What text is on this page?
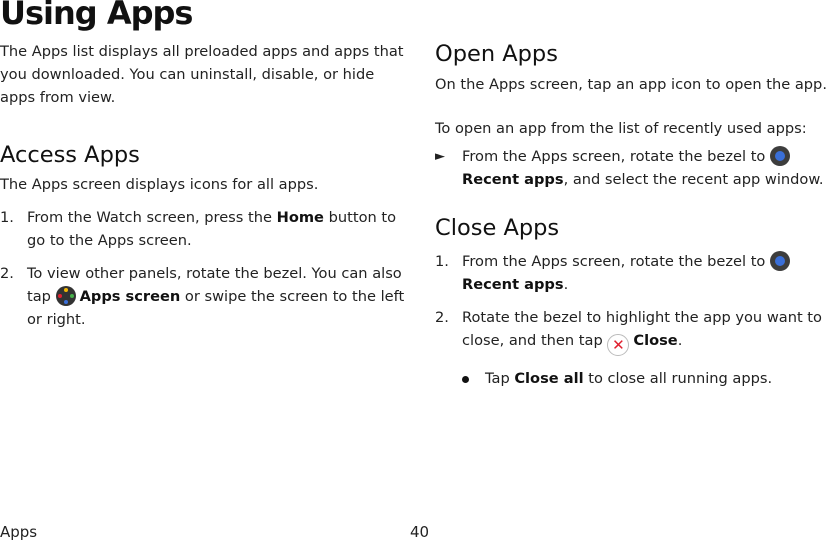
Using Apps

The Apps list displays all preloaded apps and apps that you downloaded. You can uninstall, disable, or hide apps from view.

Access Apps

The Apps screen displays icons for all apps.

1. From the Watch screen, press the Home button to go to the Apps screen.
2. To view other panels, rotate the bezel. You can also tap
Apps screen or swipe the screen to the left or right.
Open Apps

On the Apps screen, tap an app icon to open the app.

To open an app from the list of recently used apps:

► From the Apps screen, rotate the bezel to Recent apps, and select the recent app window.
Close Apps
1. From the Apps screen, rotate the bezel to Recent apps.
2. Rotate the bezel to highlight the app you want to close, and then tap ✕ Close.
Tap Close all to close all running apps.
Apps	40
